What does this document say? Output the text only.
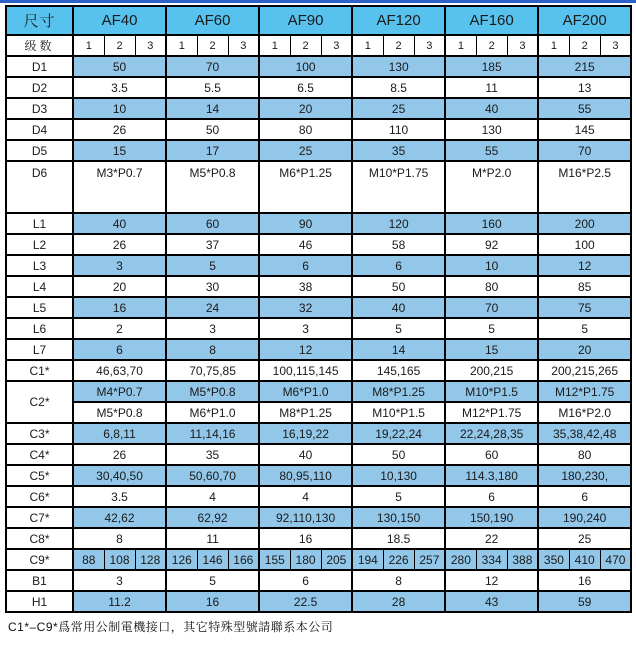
尺寸	AF40			AF60			AF90			AF120			AF160			AF200		
级数	1	2	3	1	2	3	1	2	3	1	2	3	1	2	3	1	2	3
D1	50			70			100			130			185			215		
D2	3.5			5.5			6.5			8.5			11			13		
D3	10			14			20			25			40			55		
D4	26			50			80			110			130			145		
D5	15			17			25			35			55			70		
D6	M3*P0.7			M5*P0.8			M6*P1.25			M10*P1.75			M*P2.0			M16*P2.5		
L1	40			60			90			120			160			200		
L2	26			37			46			58			92			100		
L3	3			5			6			6			10			12		
L4	20			30			38			50			80			85		
L5	16			24			32			40			70			75		
L6	2			3			3			5			5			5		
L7	6			8			12			14			15			20		
C1*	46,63,70			70,75,85			100,115,145			145,165			200,215			200,215,265		
C2*	M4*P0.7			M5*P0.8			M6*P1.0			M8*P1.25			M10*P1.5			M12*P1.75		
	M5*P0.8			M6*P1.0			M8*P1.25			M10*P1.5			M12*P1.75			M16*P2.0		
C3*	6,8,11			11,14,16			16,19,22			19,22,24			22,24,28,35			35,38,42,48		
C4*	26			35			40			50			60			80		
C5*	30,40,50			50,60,70			80,95,110			10,130			114.3,180			180,230,		
C6*	3.5			4			4			5			6			6		
C7*	42,62			62,92			92,110,130			130,150			150,190			190,240		
C8*	8			11			16			18.5			22			25		
C9*	88	108	128	126	146	166	155	180	205	194	226	257	280	334	388	350	410	470
B1	3			5			6			8			12			16		
H1	11.2			16			22.5			28			43			59		
C1*–C9*爲常用公制電機接口，其它特殊型號請聯系本公司
